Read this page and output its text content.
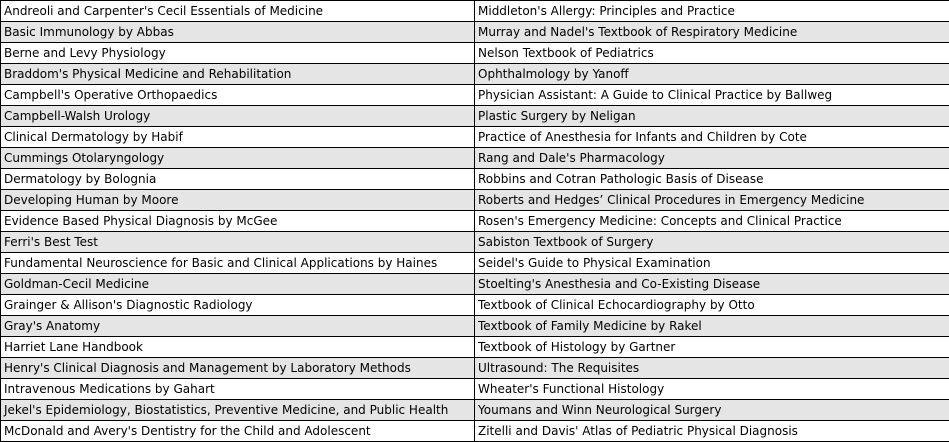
Andreoli and Carpenter's Cecil Essentials of Medicine	Middleton's Allergy: Principles and Practice
Basic Immunology by Abbas	Murray and Nadel's Textbook of Respiratory Medicine
Berne and Levy Physiology	Nelson Textbook of Pediatrics
Braddom's Physical Medicine and Rehabilitation	Ophthalmology by Yanoff
Campbell's Operative Orthopaedics	Physician Assistant: A Guide to Clinical Practice by Ballweg
Campbell-Walsh Urology	Plastic Surgery by Neligan
Clinical Dermatology by Habif	Practice of Anesthesia for Infants and Children by Cote
Cummings Otolaryngology	Rang and Dale's Pharmacology
Dermatology by Bolognia	Robbins and Cotran Pathologic Basis of Disease
Developing Human by Moore	Roberts and Hedges’ Clinical Procedures in Emergency Medicine
Evidence Based Physical Diagnosis by McGee	Rosen's Emergency Medicine: Concepts and Clinical Practice
Ferri's Best Test	Sabiston Textbook of Surgery
Fundamental Neuroscience for Basic and Clinical Applications by Haines	Seidel's Guide to Physical Examination
Goldman-Cecil Medicine	Stoelting's Anesthesia and Co-Existing Disease
Grainger & Allison's Diagnostic Radiology	Textbook of Clinical Echocardiography by Otto
Gray's Anatomy	Textbook of Family Medicine by Rakel
Harriet Lane Handbook	Textbook of Histology by Gartner
Henry's Clinical Diagnosis and Management by Laboratory Methods	Ultrasound: The Requisites
Intravenous Medications by Gahart	Wheater's Functional Histology
Jekel's Epidemiology, Biostatistics, Preventive Medicine, and Public Health	Youmans and Winn Neurological Surgery
McDonald and Avery's Dentistry for the Child and Adolescent	Zitelli and Davis' Atlas of Pediatric Physical Diagnosis
